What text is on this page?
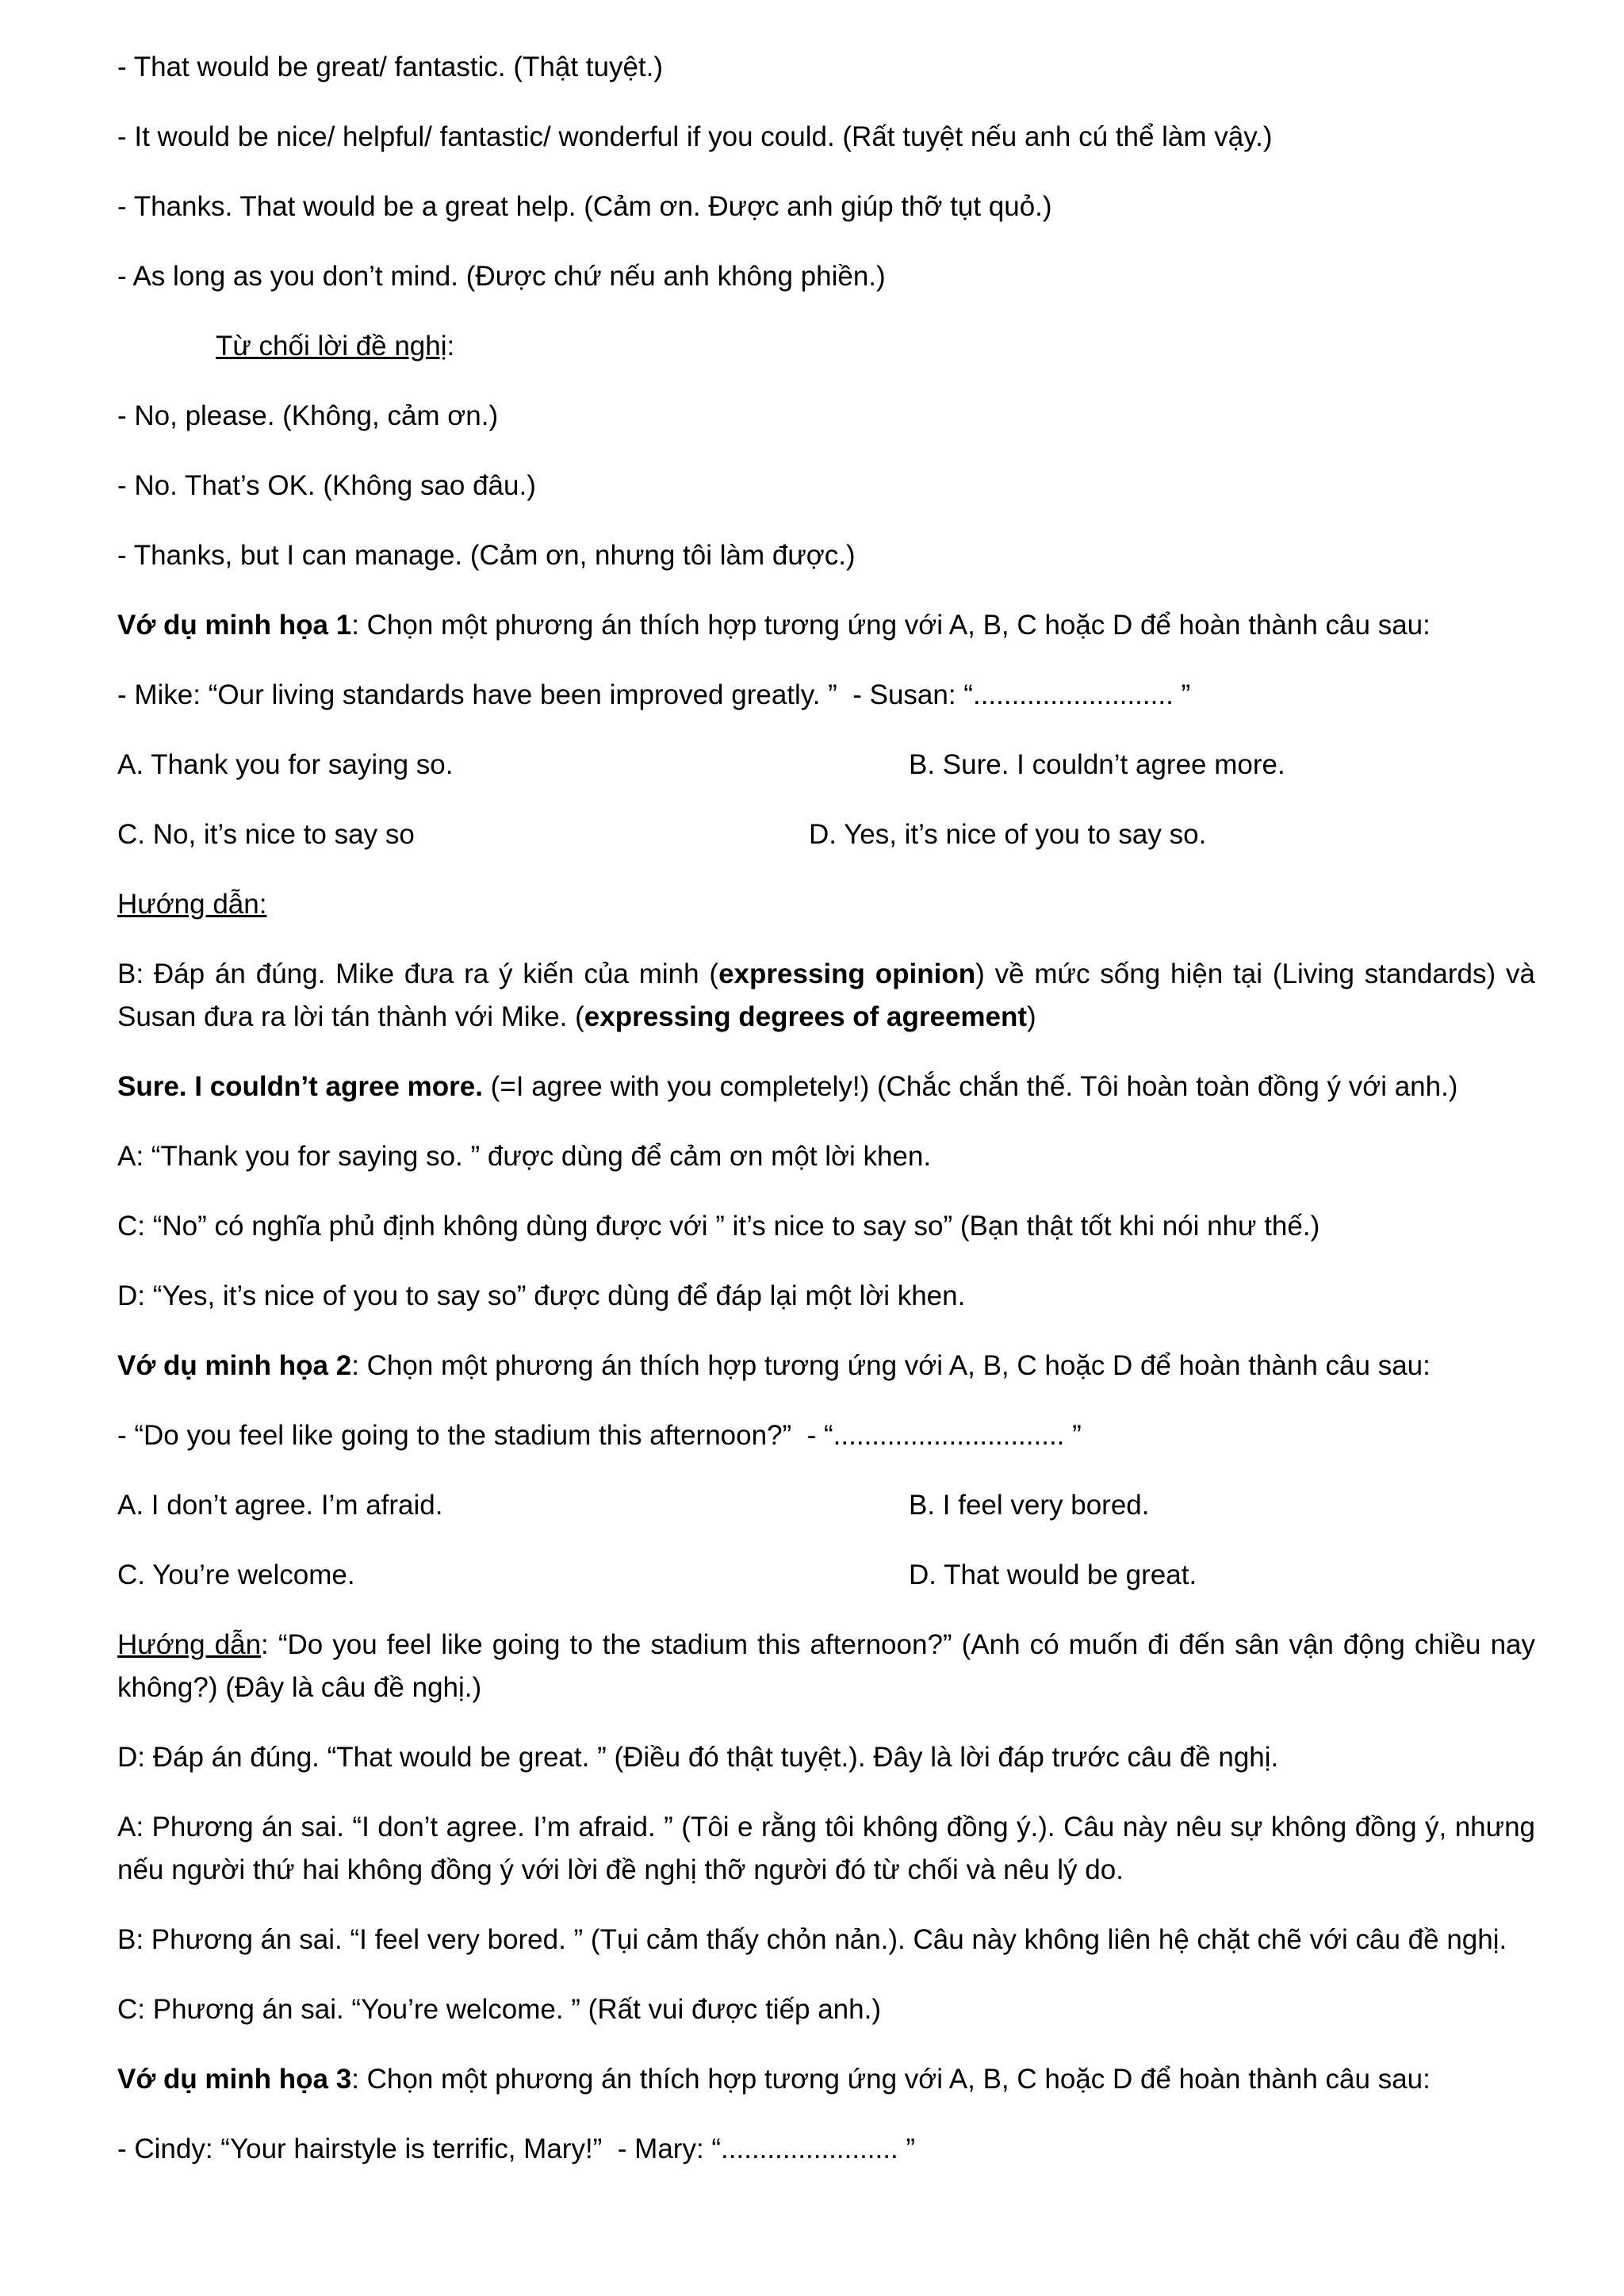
- That would be great/ fantastic. (Thật tuyệt.)

- It would be nice/ helpful/ fantastic/ wonderful if you could. (Rất tuyệt nếu anh cú thể làm vậy.)

- Thanks. That would be a great help. (Cảm ơn. Được anh giúp thỡ tụt quỏ.)

- As long as you don’t mind. (Được chứ nếu anh không phiền.)

Từ chối lời đề nghị:

- No, please. (Không, cảm ơn.)

- No. That’s OK. (Không sao đâu.)

- Thanks, but I can manage. (Cảm ơn, nhưng tôi làm được.)

Vớ dụ minh họa 1: Chọn một phương án thích hợp tương ứng với A, B, C hoặc D để hoàn thành câu sau:

- Mike: “Our living standards have been improved greatly. ”  - Susan: “.......................... ”

A. Thank you for saying so.	B. Sure. I couldn’t agree more.
C. No, it’s nice to say so	D. Yes, it’s nice of you to say so.

Hướng dẫn:

B: Đáp án đúng. Mike đưa ra ý kiến của minh (expressing opinion) về mức sống hiện tại (Living standards) và Susan đưa ra lời tán thành với Mike. (expressing degrees of agreement)

Sure. I couldn’t agree more. (=I agree with you completely!) (Chắc chắn thế. Tôi hoàn toàn đồng ý với anh.)

A: “Thank you for saying so. ” được dùng để cảm ơn một lời khen.

C: “No” có nghĩa phủ định không dùng được với ” it’s nice to say so” (Bạn thật tốt khi nói như thế.)

D: “Yes, it’s nice of you to say so” được dùng để đáp lại một lời khen.

Vớ dụ minh họa 2: Chọn một phương án thích hợp tương ứng với A, B, C hoặc D để hoàn thành câu sau:

- “Do you feel like going to the stadium this afternoon?”  - “.............................. ”

A. I don’t agree. I’m afraid.	B. I feel very bored.
C. You’re welcome.	D. That would be great.

Hướng dẫn: “Do you feel like going to the stadium this afternoon?” (Anh có muốn đi đến sân vận động chiều nay không?) (Đây là câu đề nghị.)

D: Đáp án đúng. “That would be great. ” (Điều đó thật tuyệt.). Đây là lời đáp trước câu đề nghị.

A: Phương án sai. “I don’t agree. I’m afraid. ” (Tôi e rằng tôi không đồng ý.). Câu này nêu sự không đồng ý, nhưng nếu người thứ hai không đồng ý với lời đề nghị thỡ người đó từ chối và nêu lý do.

B: Phương án sai. “I feel very bored. ” (Tụi cảm thấy chỏn nản.). Câu này không liên hệ chặt chẽ với câu đề nghị.

C: Phương án sai. “You’re welcome. ” (Rất vui được tiếp anh.)

Vớ dụ minh họa 3: Chọn một phương án thích hợp tương ứng với A, B, C hoặc D để hoàn thành câu sau:

- Cindy: “Your hairstyle is terrific, Mary!”  - Mary: “....................... ”
